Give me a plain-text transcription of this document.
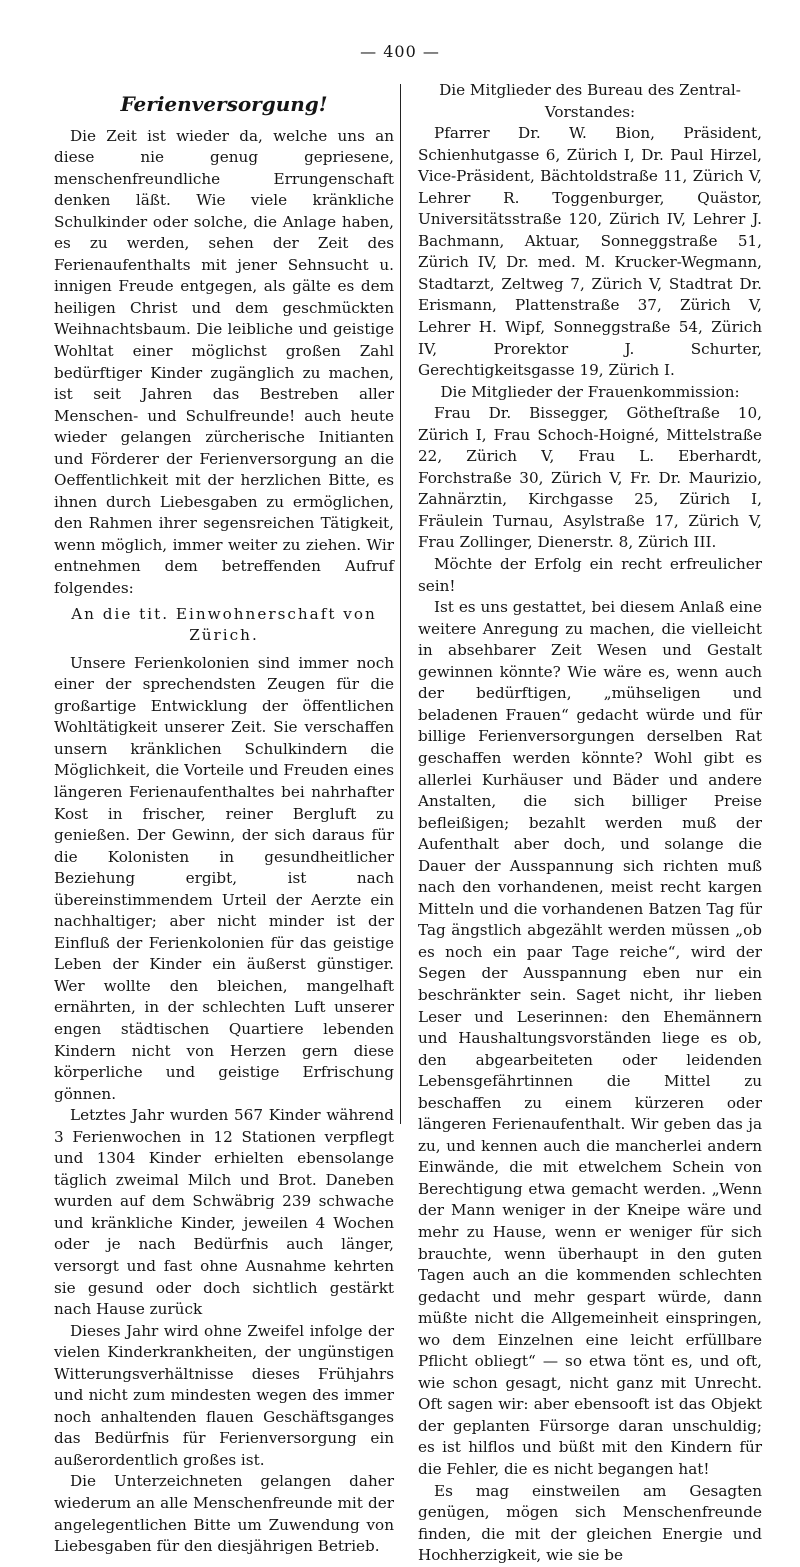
— 400 —

Ferienversorgung!

Die Zeit ist wieder da, welche uns an diese nie genug gepriesene, menschenfreundliche Errungenschaft denken läßt. Wie viele kränkliche Schulkinder oder solche, die Anlage haben, es zu werden, sehen der Zeit des Ferienaufenthalts mit jener Sehnsucht u. innigen Freude entgegen, als gälte es dem heiligen Christ und dem geschmückten Weihnachtsbaum. Die leibliche und geistige Wohltat einer möglichst großen Zahl bedürftiger Kinder zugänglich zu machen, ist seit Jahren das Bestreben aller Menschen- und Schulfreunde! auch heute wieder gelangen zürcherische Initianten und Förderer der Ferienversorgung an die Oeffentlichkeit mit der herzlichen Bitte, es ihnen durch Liebesgaben zu ermöglichen, den Rahmen ihrer segensreichen Tätigkeit, wenn möglich, immer weiter zu ziehen. Wir entnehmen dem betreffenden Aufruf folgendes:

An die tit. Einwohnerschaft von Zürich.

Unsere Ferienkolonien sind immer noch einer der sprechendsten Zeugen für die großartige Entwicklung der öffentlichen Wohltätigkeit unserer Zeit. Sie verschaffen unsern kränklichen Schulkindern die Möglichkeit, die Vorteile und Freuden eines längeren Ferienaufenthaltes bei nahrhafter Kost in frischer, reiner Bergluft zu genießen. Der Gewinn, der sich daraus für die Kolonisten in gesundheitlicher Beziehung ergibt, ist nach übereinstimmendem Urteil der Aerzte ein nachhaltiger; aber nicht minder ist der Einfluß der Ferienkolonien für das geistige Leben der Kinder ein äußerst günstiger. Wer wollte den bleichen, mangelhaft ernährten, in der schlechten Luft unserer engen städtischen Quartiere lebenden Kindern nicht von Herzen gern diese körperliche und geistige Erfrischung gönnen.

Letztes Jahr wurden 567 Kinder während 3 Ferienwochen in 12 Stationen verpflegt und 1304 Kinder erhielten ebensolange täglich zweimal Milch und Brot. Daneben wurden auf dem Schwäbrig 239 schwache und kränkliche Kinder, jeweilen 4 Wochen oder je nach Bedürfnis auch länger, versorgt und fast ohne Ausnahme kehrten sie gesund oder doch sichtlich gestärkt nach Hause zurück

Dieses Jahr wird ohne Zweifel infolge der vielen Kinderkrankheiten, der ungünstigen Witterungsverhältnisse dieses Frühjahrs und nicht zum mindesten wegen des immer noch anhaltenden flauen Geschäftsganges das Bedürfnis für Ferienversorgung ein außerordentlich großes ist.

Die Unterzeichneten gelangen daher wiederum an alle Menschenfreunde mit der angelegentlichen Bitte um Zuwendung von Liebesgaben für den diesjährigen Betrieb.

Die Mitglieder des Bureau des Zentral-Vorstandes:

Pfarrer Dr. W. Bion, Präsident, Schienhutgasse 6, Zürich I, Dr. Paul Hirzel, Vice-Präsident, Bächtoldstraße 11, Zürich V, Lehrer R. Toggenburger, Quästor, Universitätsstraße 120, Zürich IV, Lehrer J. Bachmann, Aktuar, Sonneggstraße 51, Zürich IV, Dr. med. M. Krucker-Wegmann, Stadtarzt, Zeltweg 7, Zürich V, Stadtrat Dr. Erismann, Plattenstraße 37, Zürich V, Lehrer H. Wipf, Sonneggstraße 54, Zürich IV, Prorektor J. Schurter, Gerechtigkeitsgasse 19, Zürich I.

Die Mitglieder der Frauenkommission:

Frau Dr. Bissegger, Götheſtraße 10, Zürich I, Frau Schoch-Hoigné, Mittelstraße 22, Zürich V, Frau L. Eberhardt, Forchstraße 30, Zürich V, Fr. Dr. Maurizio, Zahnärztin, Kirchgasse 25, Zürich I, Fräulein Turnau, Asylstraße 17, Zürich V, Frau Zollinger, Dienerstr. 8, Zürich III.

Möchte der Erfolg ein recht erfreulicher sein!

Ist es uns gestattet, bei diesem Anlaß eine weitere Anregung zu machen, die vielleicht in absehbarer Zeit Wesen und Gestalt gewinnen könnte? Wie wäre es, wenn auch der bedürftigen, „mühseligen und beladenen Frauen“ gedacht würde und für billige Ferienversorgungen derselben Rat geschaffen werden könnte? Wohl gibt es allerlei Kurhäuser und Bäder und andere Anstalten, die sich billiger Preise befleißigen; bezahlt werden muß der Aufenthalt aber doch, und solange die Dauer der Ausspannung sich richten muß nach den vorhandenen, meist recht kargen Mitteln und die vorhandenen Batzen Tag für Tag ängstlich abgezählt werden müssen „ob es noch ein paar Tage reiche“, wird der Segen der Ausspannung eben nur ein beschränkter sein. Saget nicht, ihr lieben Leser und Leserinnen: den Ehemännern und Haushaltungsvorständen liege es ob, den abgearbeiteten oder leidenden Lebensgefährtinnen die Mittel zu beschaffen zu einem kürzeren oder längeren Ferienaufenthalt. Wir geben das ja zu, und kennen auch die mancherlei andern Einwände, die mit etwelchem Schein von Berechtigung etwa gemacht werden. „Wenn der Mann weniger in der Kneipe wäre und mehr zu Hause, wenn er weniger für sich brauchte, wenn überhaupt in den guten Tagen auch an die kommenden schlechten gedacht und mehr gespart würde, dann müßte nicht die Allgemeinheit einspringen, wo dem Einzelnen eine leicht erfüllbare Pflicht obliegt“ — so etwa tönt es, und oft, wie schon gesagt, nicht ganz mit Unrecht. Oft sagen wir: aber ebensooft ist das Objekt der geplanten Fürsorge daran unschuldig; es ist hilflos und büßt mit den Kindern für die Fehler, die es nicht begangen hat!

Es mag einstweilen am Gesagten genügen, mögen sich Menschenfreunde finden, die mit der gleichen Energie und Hochherzigkeit, wie sie be
